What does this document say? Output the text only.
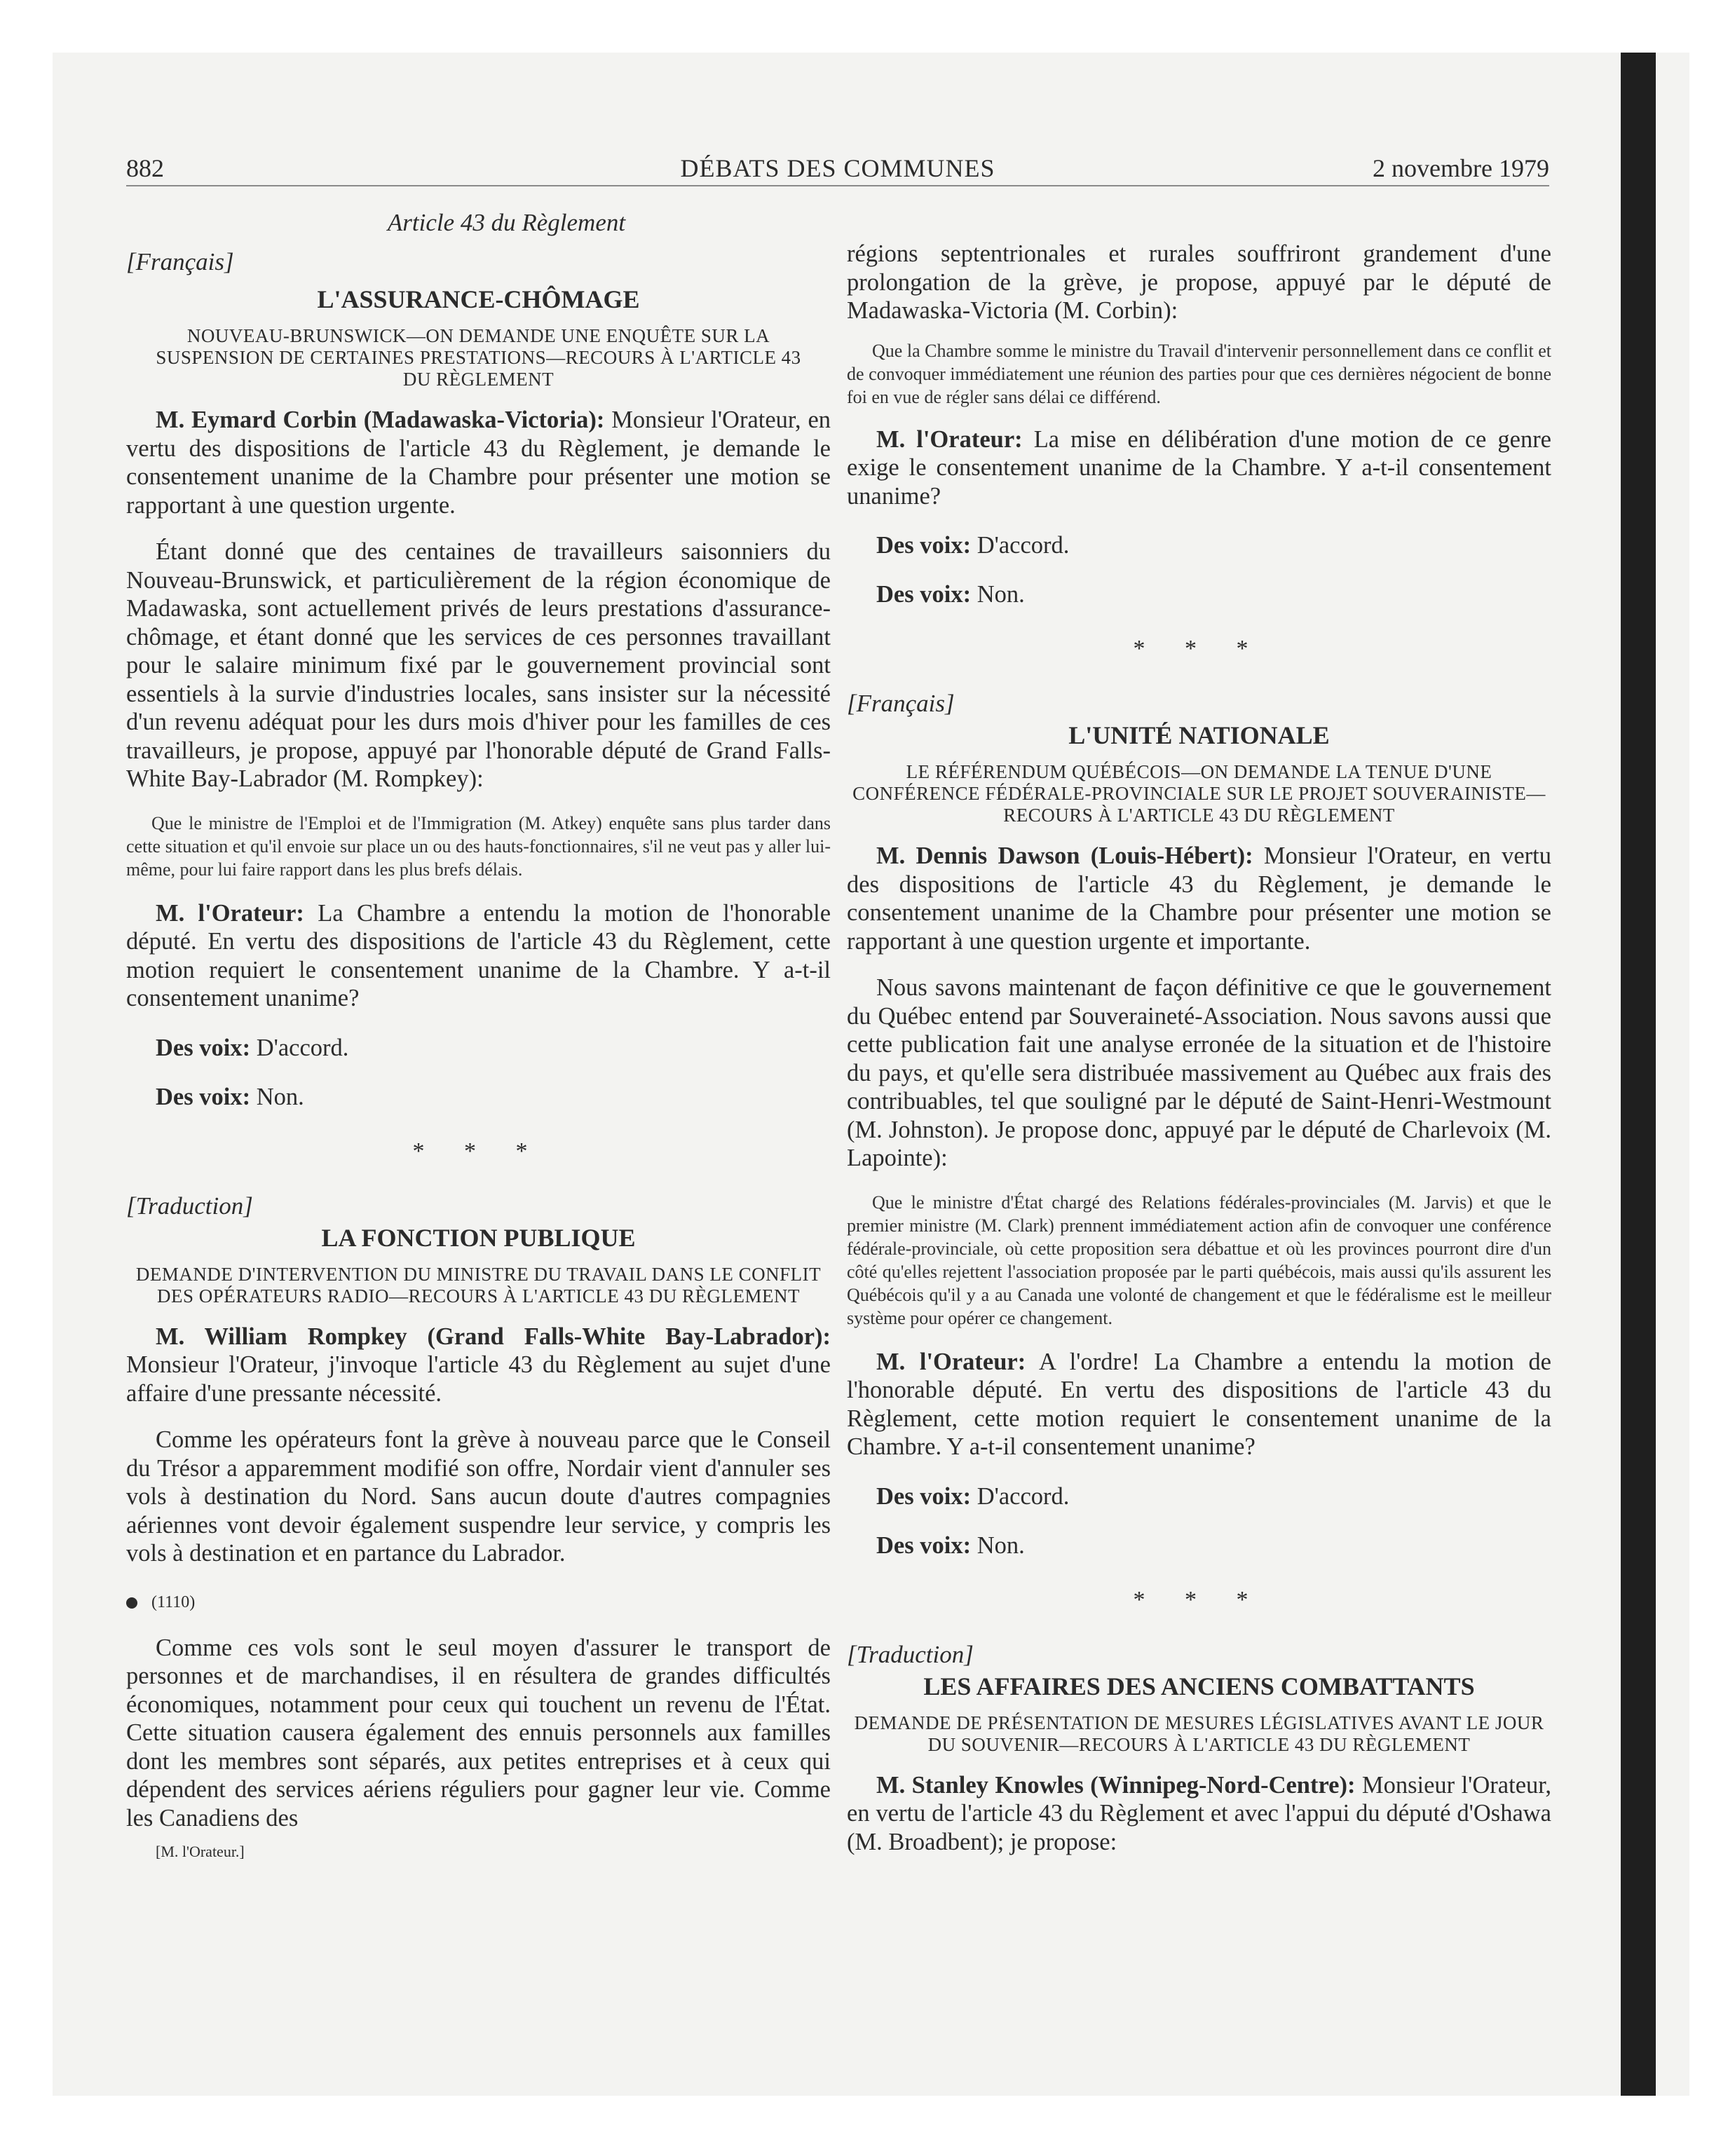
882	DÉBATS DES COMMUNES	2 novembre 1979

Article 43 du Règlement

[Français]

L'ASSURANCE-CHÔMAGE

NOUVEAU-BRUNSWICK—ON DEMANDE UNE ENQUÊTE SUR LA SUSPENSION DE CERTAINES PRESTATIONS—RECOURS À L'ARTICLE 43 DU RÈGLEMENT

M. Eymard Corbin (Madawaska-Victoria): Monsieur l'Orateur, en vertu des dispositions de l'article 43 du Règlement, je demande le consentement unanime de la Chambre pour présenter une motion se rapportant à une question urgente.

Étant donné que des centaines de travailleurs saisonniers du Nouveau-Brunswick, et particulièrement de la région économique de Madawaska, sont actuellement privés de leurs prestations d'assurance-chômage, et étant donné que les services de ces personnes travaillant pour le salaire minimum fixé par le gouvernement provincial sont essentiels à la survie d'industries locales, sans insister sur la nécessité d'un revenu adéquat pour les durs mois d'hiver pour les familles de ces travailleurs, je propose, appuyé par l'honorable député de Grand Falls-White Bay-Labrador (M. Rompkey):

Que le ministre de l'Emploi et de l'Immigration (M. Atkey) enquête sans plus tarder dans cette situation et qu'il envoie sur place un ou des hauts-fonctionnaires, s'il ne veut pas y aller lui-même, pour lui faire rapport dans les plus brefs délais.

M. l'Orateur: La Chambre a entendu la motion de l'honorable député. En vertu des dispositions de l'article 43 du Règlement, cette motion requiert le consentement unanime de la Chambre. Y a-t-il consentement unanime?

Des voix: D'accord.

Des voix: Non.

* * *

[Traduction]

LA FONCTION PUBLIQUE

DEMANDE D'INTERVENTION DU MINISTRE DU TRAVAIL DANS LE CONFLIT DES OPÉRATEURS RADIO—RECOURS À L'ARTICLE 43 DU RÈGLEMENT

M. William Rompkey (Grand Falls-White Bay-Labrador): Monsieur l'Orateur, j'invoque l'article 43 du Règlement au sujet d'une affaire d'une pressante nécessité.

Comme les opérateurs font la grève à nouveau parce que le Conseil du Trésor a apparemment modifié son offre, Nordair vient d'annuler ses vols à destination du Nord. Sans aucun doute d'autres compagnies aériennes vont devoir également suspendre leur service, y compris les vols à destination et en partance du Labrador.

(1110)

Comme ces vols sont le seul moyen d'assurer le transport de personnes et de marchandises, il en résultera de grandes difficultés économiques, notamment pour ceux qui touchent un revenu de l'État. Cette situation causera également des ennuis personnels aux familles dont les membres sont séparés, aux petites entreprises et à ceux qui dépendent des services aériens réguliers pour gagner leur vie. Comme les Canadiens des

[M. l'Orateur.]

régions septentrionales et rurales souffriront grandement d'une prolongation de la grève, je propose, appuyé par le député de Madawaska-Victoria (M. Corbin):

Que la Chambre somme le ministre du Travail d'intervenir personnellement dans ce conflit et de convoquer immédiatement une réunion des parties pour que ces dernières négocient de bonne foi en vue de régler sans délai ce différend.

M. l'Orateur: La mise en délibération d'une motion de ce genre exige le consentement unanime de la Chambre. Y a-t-il consentement unanime?

Des voix: D'accord.

Des voix: Non.

* * *

[Français]

L'UNITÉ NATIONALE

LE RÉFÉRENDUM QUÉBÉCOIS—ON DEMANDE LA TENUE D'UNE CONFÉRENCE FÉDÉRALE-PROVINCIALE SUR LE PROJET SOUVERAINISTE—RECOURS À L'ARTICLE 43 DU RÈGLEMENT

M. Dennis Dawson (Louis-Hébert): Monsieur l'Orateur, en vertu des dispositions de l'article 43 du Règlement, je demande le consentement unanime de la Chambre pour présenter une motion se rapportant à une question urgente et importante.

Nous savons maintenant de façon définitive ce que le gouvernement du Québec entend par Souveraineté-Association. Nous savons aussi que cette publication fait une analyse erronée de la situation et de l'histoire du pays, et qu'elle sera distribuée massivement au Québec aux frais des contribuables, tel que souligné par le député de Saint-Henri-Westmount (M. Johnston). Je propose donc, appuyé par le député de Charlevoix (M. Lapointe):

Que le ministre d'État chargé des Relations fédérales-provinciales (M. Jarvis) et que le premier ministre (M. Clark) prennent immédiatement action afin de convoquer une conférence fédérale-provinciale, où cette proposition sera débattue et où les provinces pourront dire d'un côté qu'elles rejettent l'association proposée par le parti québécois, mais aussi qu'ils assurent les Québécois qu'il y a au Canada une volonté de changement et que le fédéralisme est le meilleur système pour opérer ce changement.

M. l'Orateur: A l'ordre! La Chambre a entendu la motion de l'honorable député. En vertu des dispositions de l'article 43 du Règlement, cette motion requiert le consentement unanime de la Chambre. Y a-t-il consentement unanime?

Des voix: D'accord.

Des voix: Non.

* * *

[Traduction]

LES AFFAIRES DES ANCIENS COMBATTANTS

DEMANDE DE PRÉSENTATION DE MESURES LÉGISLATIVES AVANT LE JOUR DU SOUVENIR—RECOURS À L'ARTICLE 43 DU RÈGLEMENT

M. Stanley Knowles (Winnipeg-Nord-Centre): Monsieur l'Orateur, en vertu de l'article 43 du Règlement et avec l'appui du député d'Oshawa (M. Broadbent); je propose:
